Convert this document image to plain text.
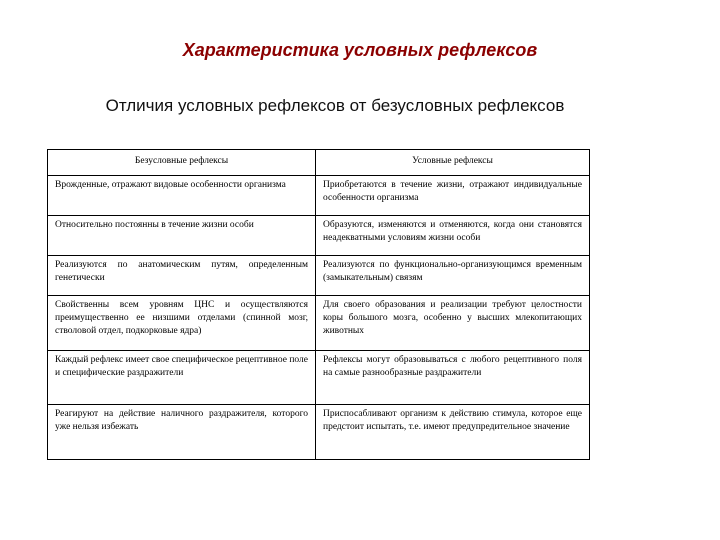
Характеристика условных рефлексов
Отличия условных рефлексов от безусловных рефлексов
Безусловные рефлексы	Условные рефлексы
Врожденные, отражают видовые особенности организма	Приобретаются в течение жизни, отражают индивидуальные особенности организма
Относительно постоянны в течение жизни особи	Образуются, изменяются и отменяются, когда они становятся неадекватными условиям жизни особи
Реализуются по анатомическим путям, определенным генетически	Реализуются по функционально-организующимся временным (замыкательным) связям
Свойственны всем уровням ЦНС и осуществляются преимущественно ее низшими отделами (спинной мозг, стволовой отдел, подкорковые ядра)	Для своего образования и реализации требуют целостности коры большого мозга, особенно у высших млекопитающих животных
Каждый рефлекс имеет свое специфическое рецептивное поле и специфические раздражители	Рефлексы могут образовываться с любого рецептивного поля на самые разнообразные раздражители
Реагируют на действие наличного раздражителя, которого уже нельзя избежать	Приспосабливают организм к действию стимула, которое еще предстоит испытать, т.е. имеют предупредительное значение
